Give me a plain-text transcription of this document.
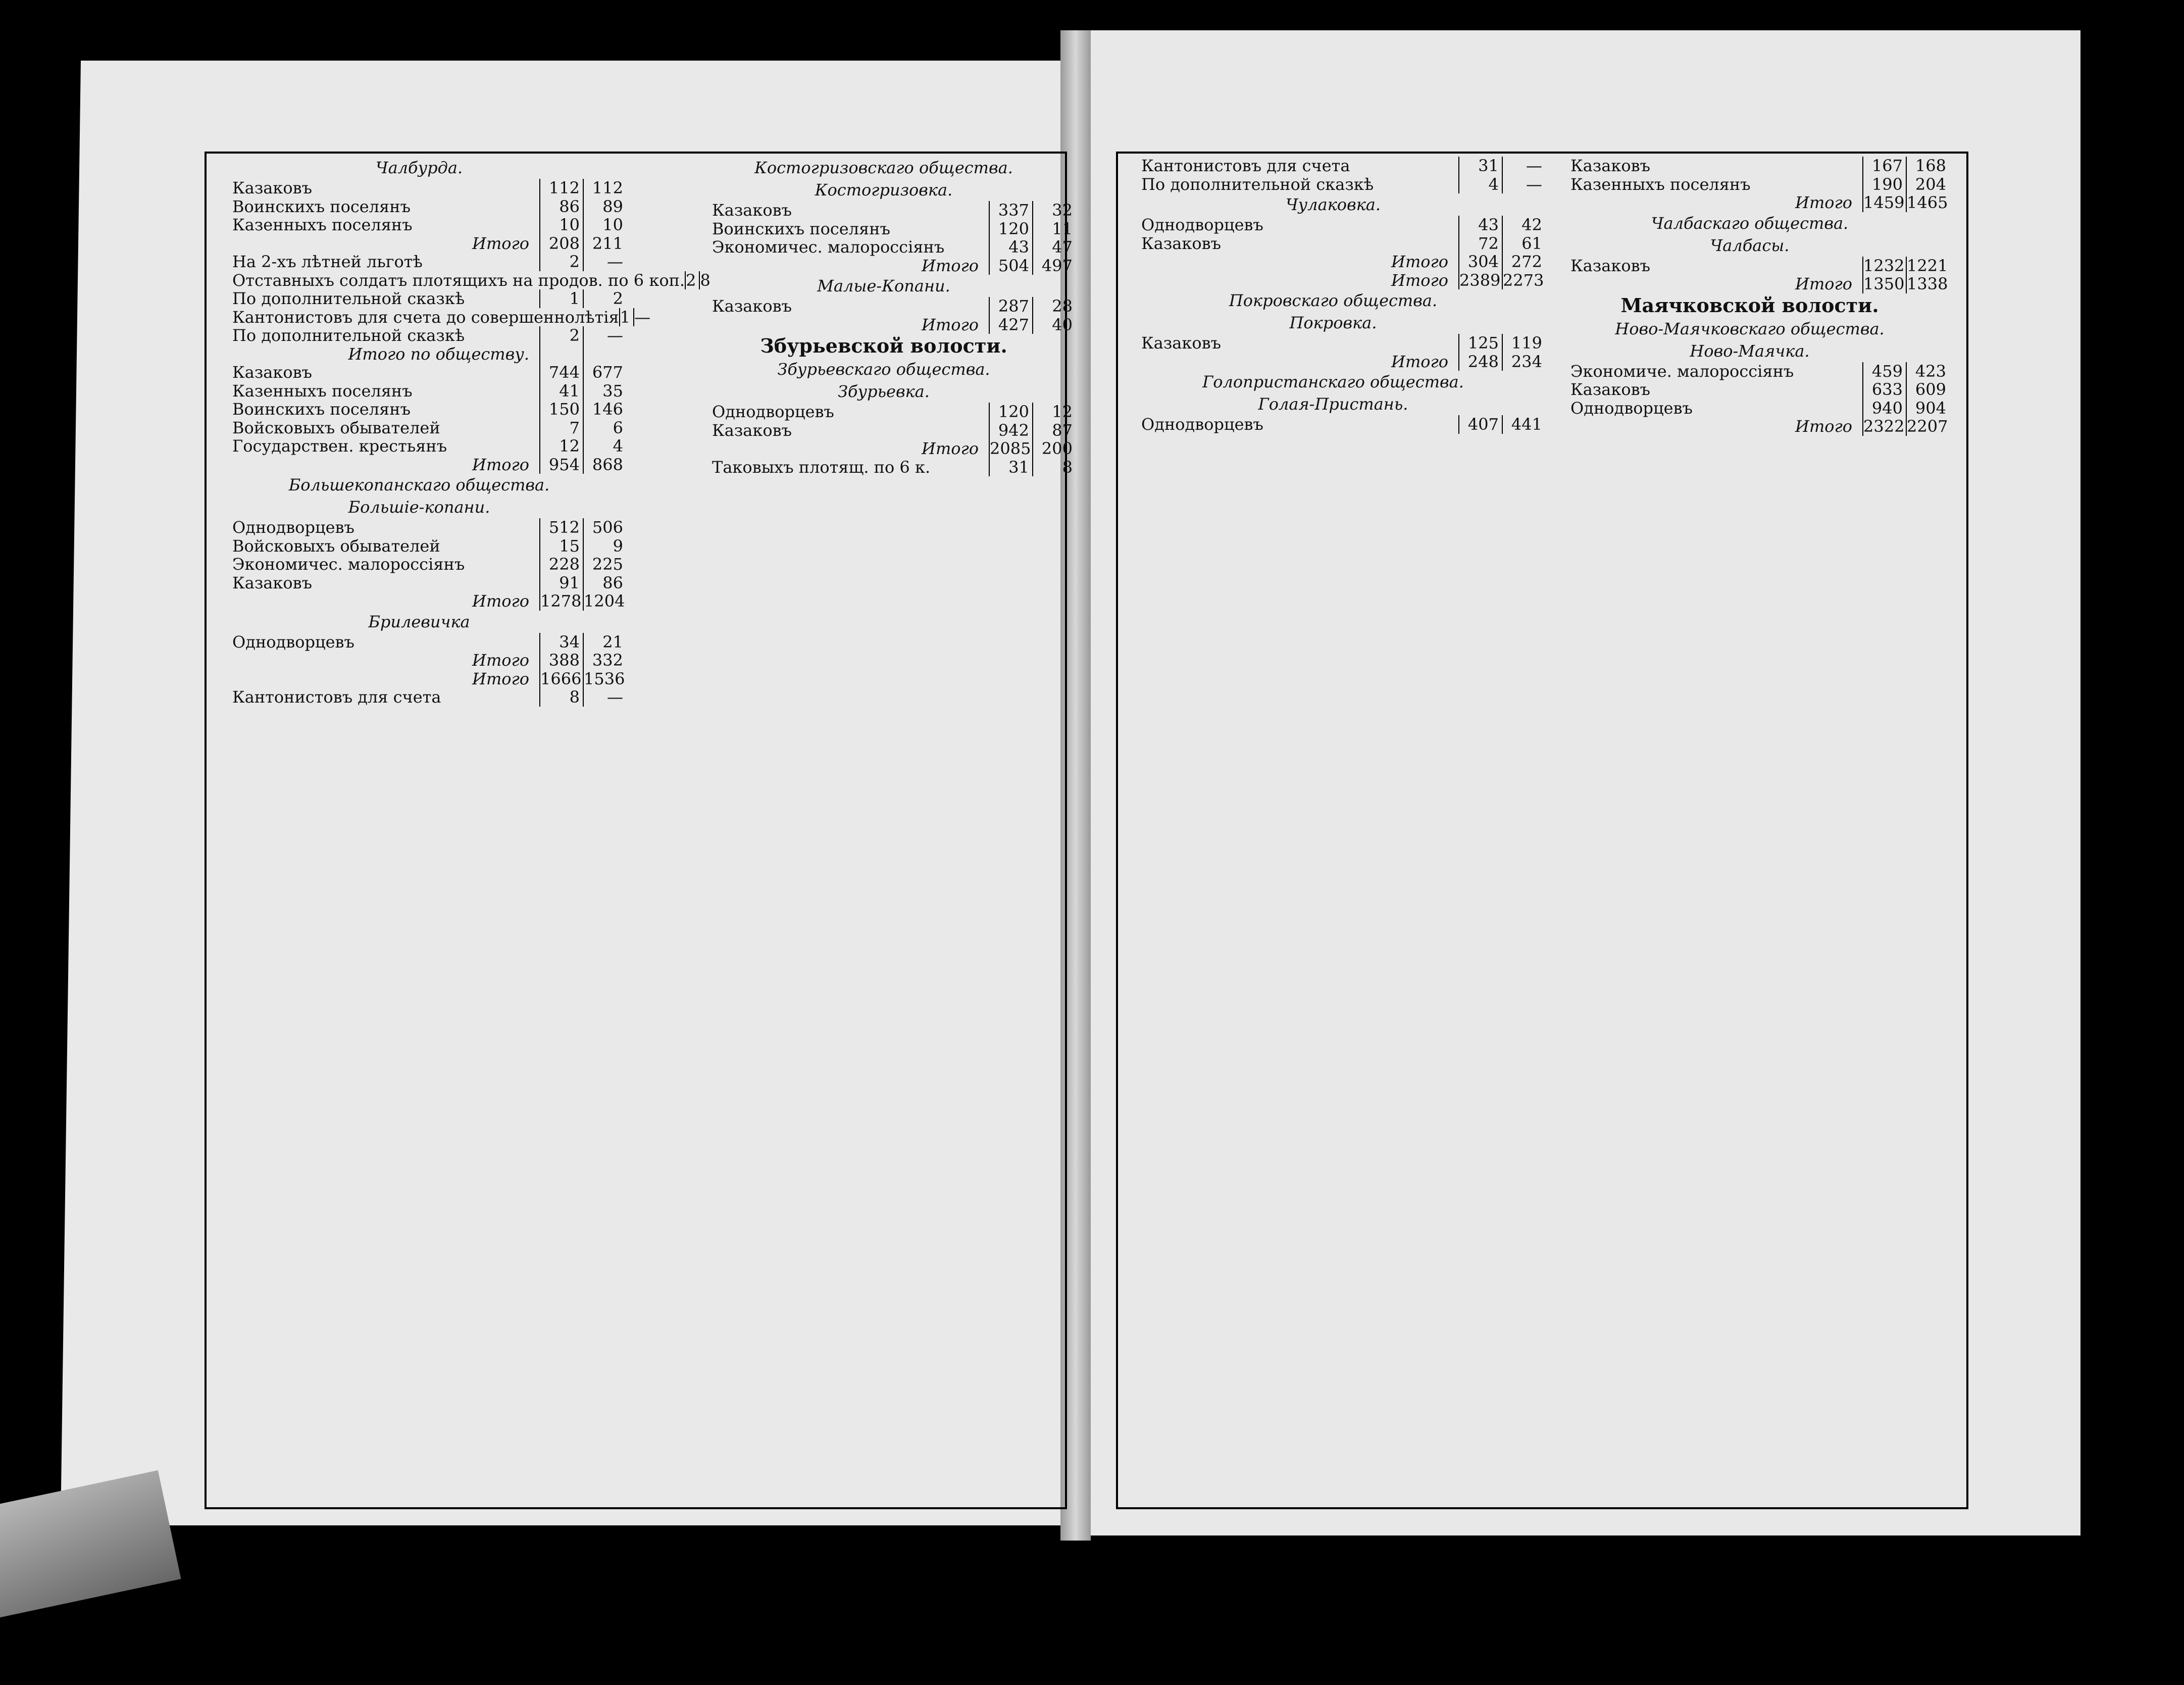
Чалбурда.
Казаковъ	112 112
Воинскихъ поселянъ	86	89
Казенныхъ поселянъ	10	10
Итого	208 211
На 2-хъ лѣтней льготѣ	2	—
Отставныхъ солдатъ плотящихъ на продов. по 6 коп. 2 8
По дополнительной сказкѣ	1	2
Кантонистовъ для счета до совершеннолѣтія 1 —
По дополнительной сказкѣ	2	—
Итого по обществу.
Казаковъ	744 677
Казенныхъ поселянъ	41	35
Воинскихъ поселянъ	150 146
Войсковыхъ обывателей	7	6
Государствен. крестьянъ	12	4
Итого	954 868
Большекопанскаго общества.
Большіе-копани.
Однодворцевъ	512 506
Войсковыхъ обывателей	15	9
Экономичес. малороссіянъ	228 225
Казаковъ	91	86
Итого 1278 1204
Брилевичка
Однодворцевъ	34	21
Итого	388 332
Итого 1666 1536
Кантонистовъ для счета	8	—
Костогризовскаго общества.
Костогризовка.
Казаковъ	337	32
Воинскихъ поселянъ	120	11
Экономичес. малороссіянъ	43	47
Итого	504 497
Малые-Копани.
Казаковъ	287	28
Итого	427	40
Збурьевской волости.
Збурьевскаго общества.
Збурьевка.
Однодворцевъ	120	12
Казаковъ	942	87
Итого 2085 200
Таковыхъ плотящ. по 6 к.	31	8
Кантонистовъ для счета	31	—
По дополнительной сказкѣ	4	—
Чулаковка.
Однодворцевъ	43	42
Казаковъ	72	61
Итого	304 272
Итого 2389 2273
Покровскаго общества.
Покровка.
Казаковъ	125 119
Итого	248 234
Голопристанскаго общества.
Голая-Пристань.
Однодворцевъ	407 441
Казаковъ	167 168
Казенныхъ поселянъ	190 204
Итого 1459 1465
Чалбаскаго общества.
Чалбасы.
Казаковъ	1232 1221
Итого 1350 1338
Маячковской волости.
Ново-Маячковскаго общества.
Ново-Маячка.
Экономиче. малороссіянъ	459 423
Казаковъ	633 609
Однодворцевъ	940 904
Итого 2322 2207
